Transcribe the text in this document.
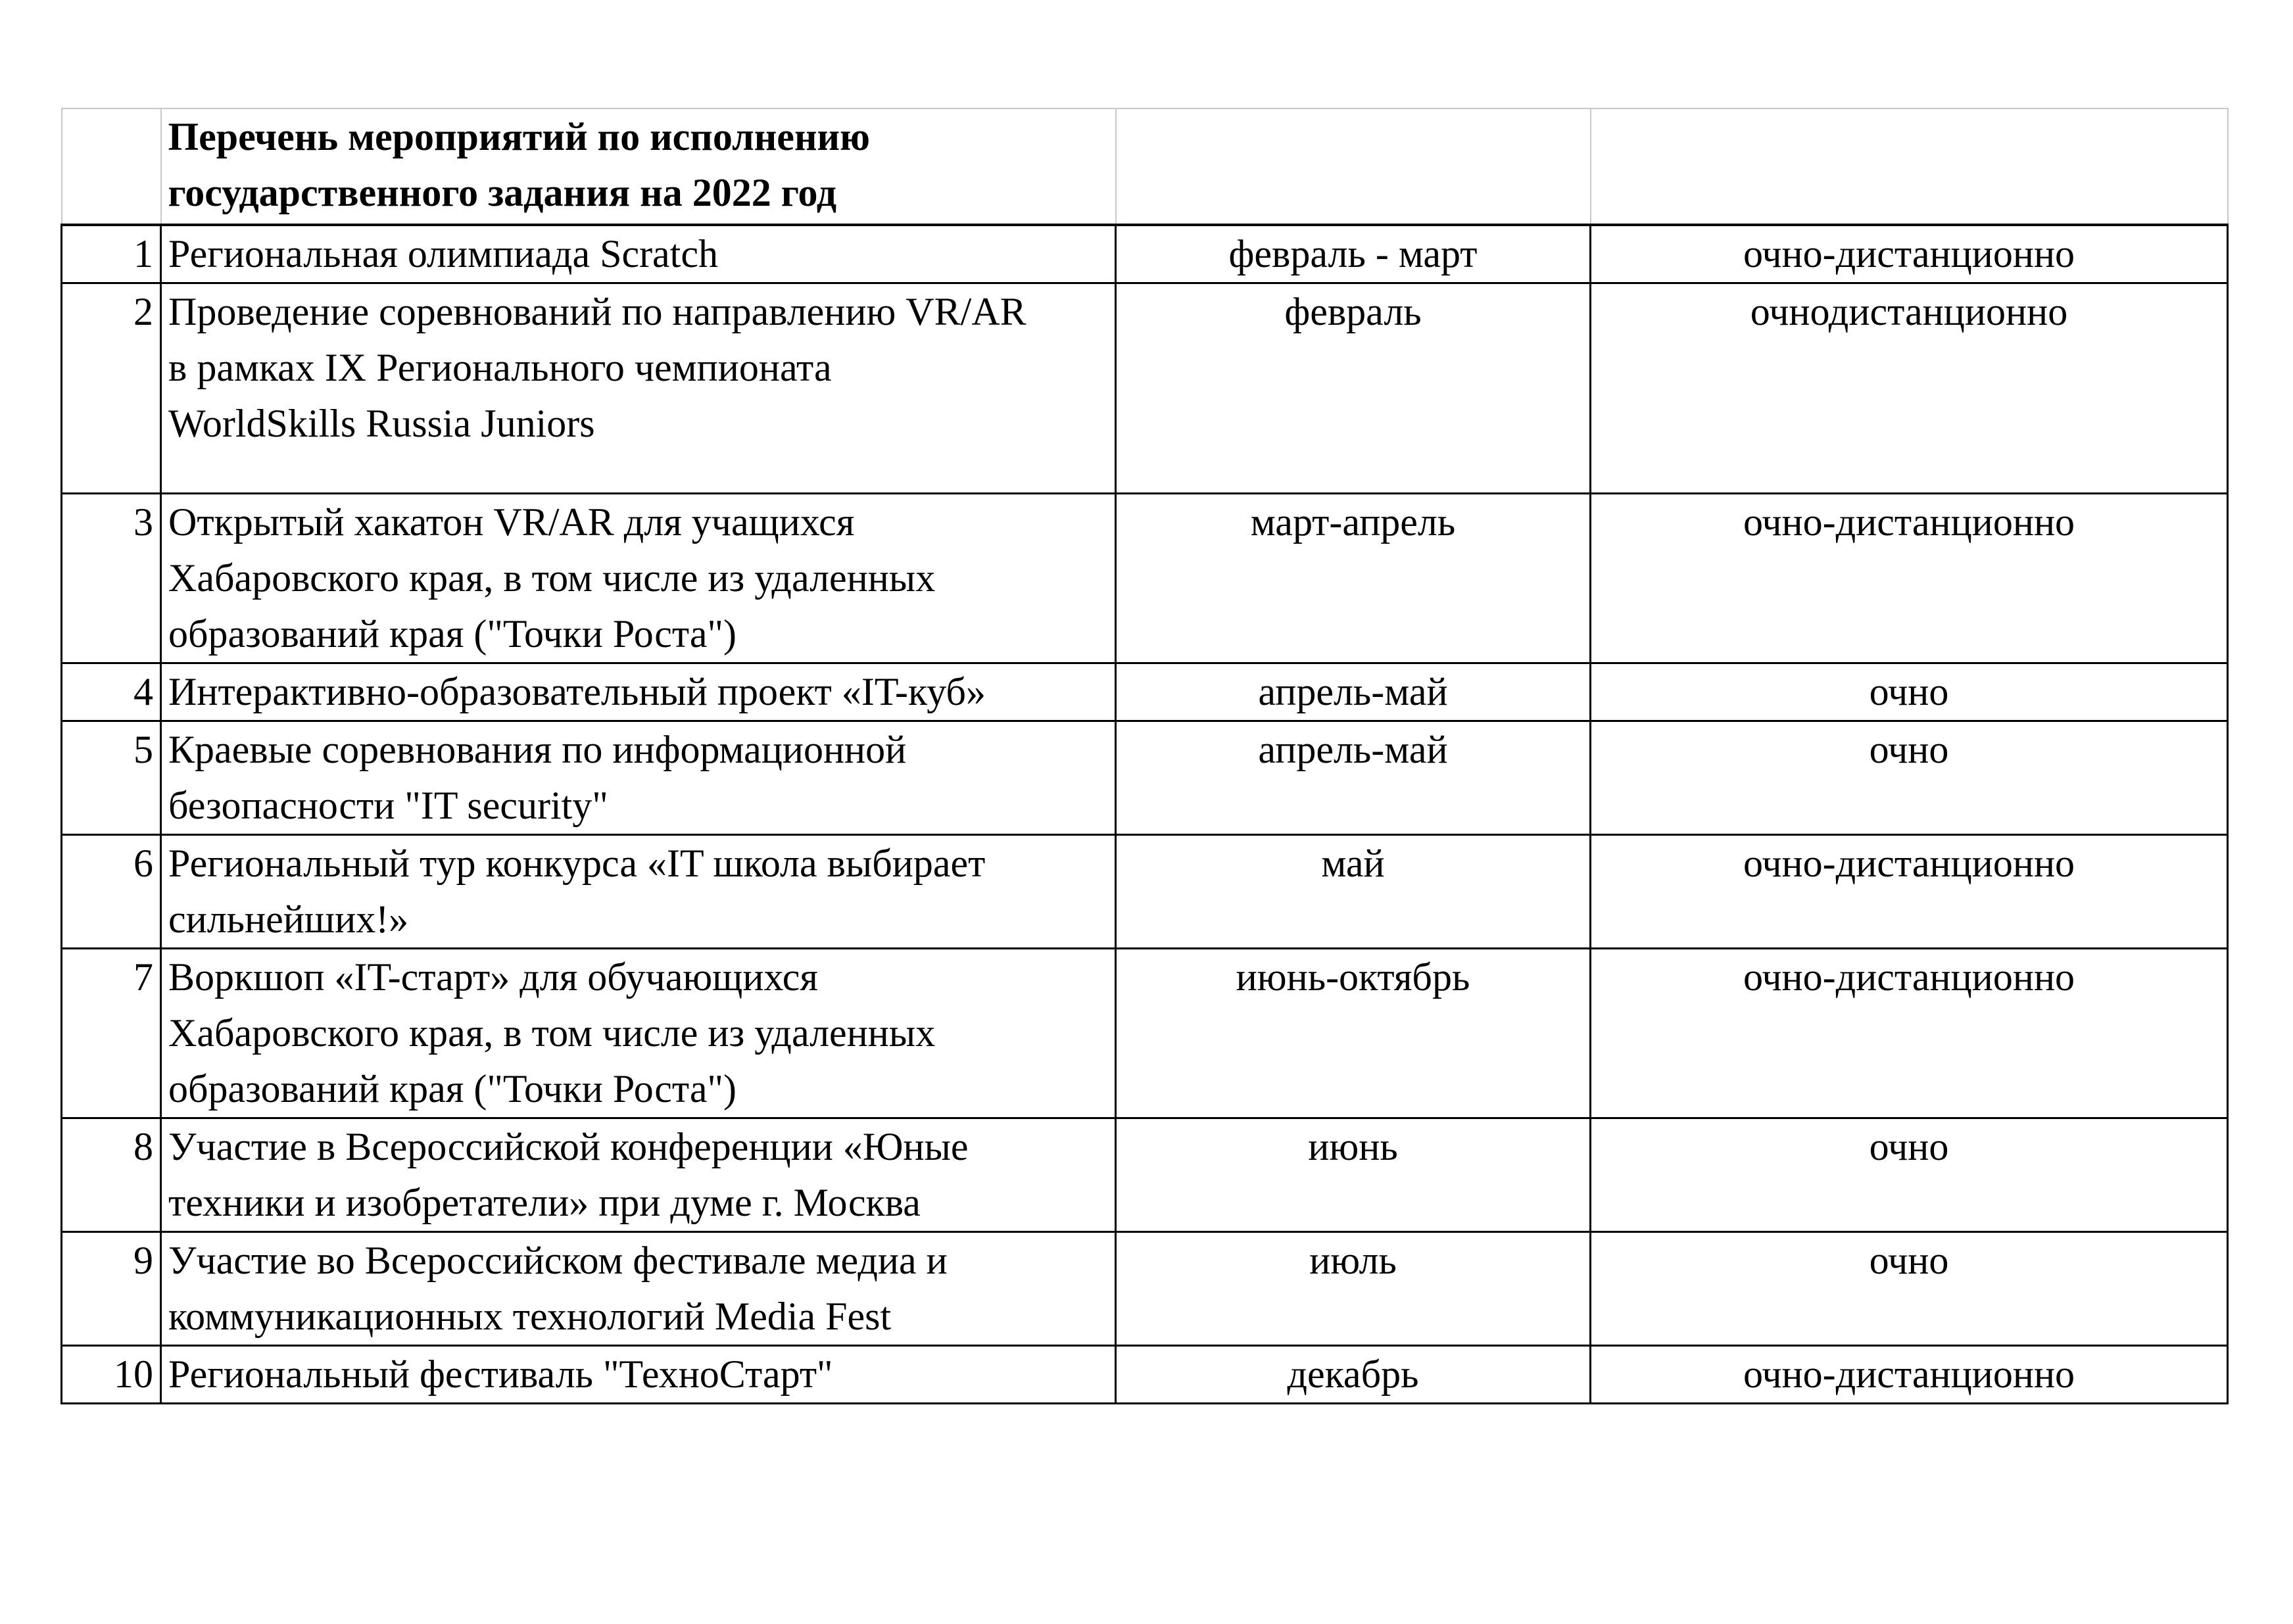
	Перечень мероприятий по исполнению
государственного задания на 2022 год		
1	Региональная олимпиада Scratch	февраль - март	очно-дистанционно
2	Проведение соревнований по направлению VR/AR
в рамках IX Регионального чемпионата
WorldSkills Russia Juniors	февраль	очнодистанционно
3	Открытый хакатон VR/AR для учащихся
Хабаровского края, в том числе из удаленных
образований края ("Точки Роста")	март-апрель	очно-дистанционно
4	Интерактивно-образовательный проект «IT-куб»	апрель-май	очно
5	Краевые соревнования по информационной
безопасности "IT security"	апрель-май	очно
6	Региональный тур конкурса «IT школа выбирает
сильнейших!»	май	очно-дистанционно
7	Воркшоп «IT-старт» для обучающихся
Хабаровского края, в том числе из удаленных
образований края ("Точки Роста")	июнь-октябрь	очно-дистанционно
8	Участие в Всероссийской конференции «Юные
техники и изобретатели» при думе г. Москва	июнь	очно
9	Участие во Всероссийском фестивале медиа и
коммуникационных технологий Media Fest	июль	очно
10	Региональный фестиваль "ТехноСтарт"	декабрь	очно-дистанционно
